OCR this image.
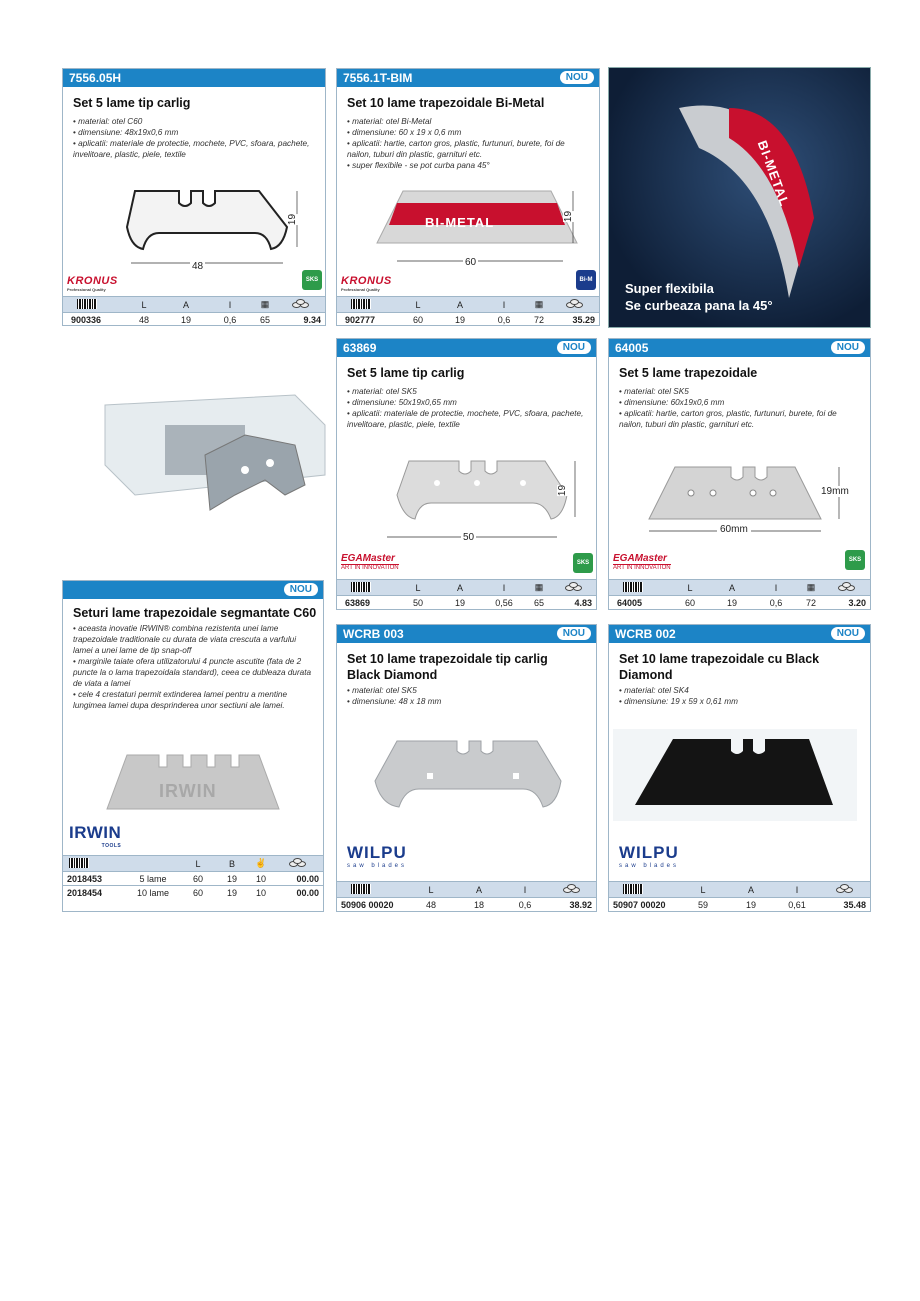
7556.05H
Set 5 lame tip carlig
• material: otel C60
• dimensiune: 48x19x0,6 mm
• aplicatii: materiale de protectie, mochete, PVC, sfoara, pachete, invelitoare, plastic, piele, textile
48
19
KRONUS
Professional Quality
SKS
L	A	I	▦
900336	48	19	0,6	65	9.34
7556.1T-BIM	NOU
Set 10 lame trapezoidale Bi-Metal
• material: otel Bi-Metal
• dimensiune: 60 x 19 x 0,6 mm
• aplicatii: hartie, carton gros, plastic, furtunuri, burete, foi de nailon, tuburi din plastic, garnituri etc.
• super flexibile - se pot curba pana 45°
BI-METAL
60
19
KRONUS
Professional Quality
Bi-M
L	A	I	▦
902777	60	19	0,6	72	35.29
BI-METAL
Super flexibila
Se curbeaza pana la 45°
63869	NOU
Set 5 lame tip carlig
• material: otel SK5
• dimensiune: 50x19x0,65 mm
• aplicatii: materiale de protectie, mochete, PVC, sfoara, pachete, invelitoare, plastic, piele, textile
50
19
EGAMaster
ART IN INNOVATION
SKS
L	A	I	▦
63869	50	19	0,56	65	4.83
64005	NOU
Set 5 lame trapezoidale
• material: otel SK5
• dimensiune: 60x19x0,6 mm
• aplicatii: hartie, carton gros, plastic, furtunuri, burete, foi de nailon, tuburi din plastic, garnituri etc.
60mm
19mm
EGAMaster
ART IN INNOVATION
SKS
L	A	I	▦
64005	60	19	0,6	72	3.20
NOU
Seturi lame trapezoidale segmantate C60
• aceasta inovatie IRWIN® combina rezistenta unei lame trapezoidale traditionale cu durata de viata crescuta a varfului lamei a unei lame de tip snap-off
• marginile taiate ofera utilizatorului 4 puncte ascutite (fata de 2 puncte la o lama trapezoidala standard), ceea ce dubleaza durata de viata a lamei
• cele 4 crestaturi permit extinderea lamei pentru a mentine lungimea lamei dupa desprinderea unor sectiuni ale lamei.
IRWIN
IRWIN
TOOLS
L	B	✌
2018453	5 lame	60	19	10	00.00
2018454	10 lame	60	19	10	00.00
WCRB 003	NOU
Set 10 lame trapezoidale tip carlig Black Diamond
• material: otel SK5
• dimensiune: 48 x 18 mm
WILPU
saw blades
L	A	I
50906 00020	48	18	0,6	38.92
WCRB 002	NOU
Set 10 lame trapezoidale cu Black Diamond
• material: otel SK4
• dimensiune: 19 x 59 x 0,61 mm
WILPU
saw blades
L	A	I
50907 00020	59	19	0,61	35.48
